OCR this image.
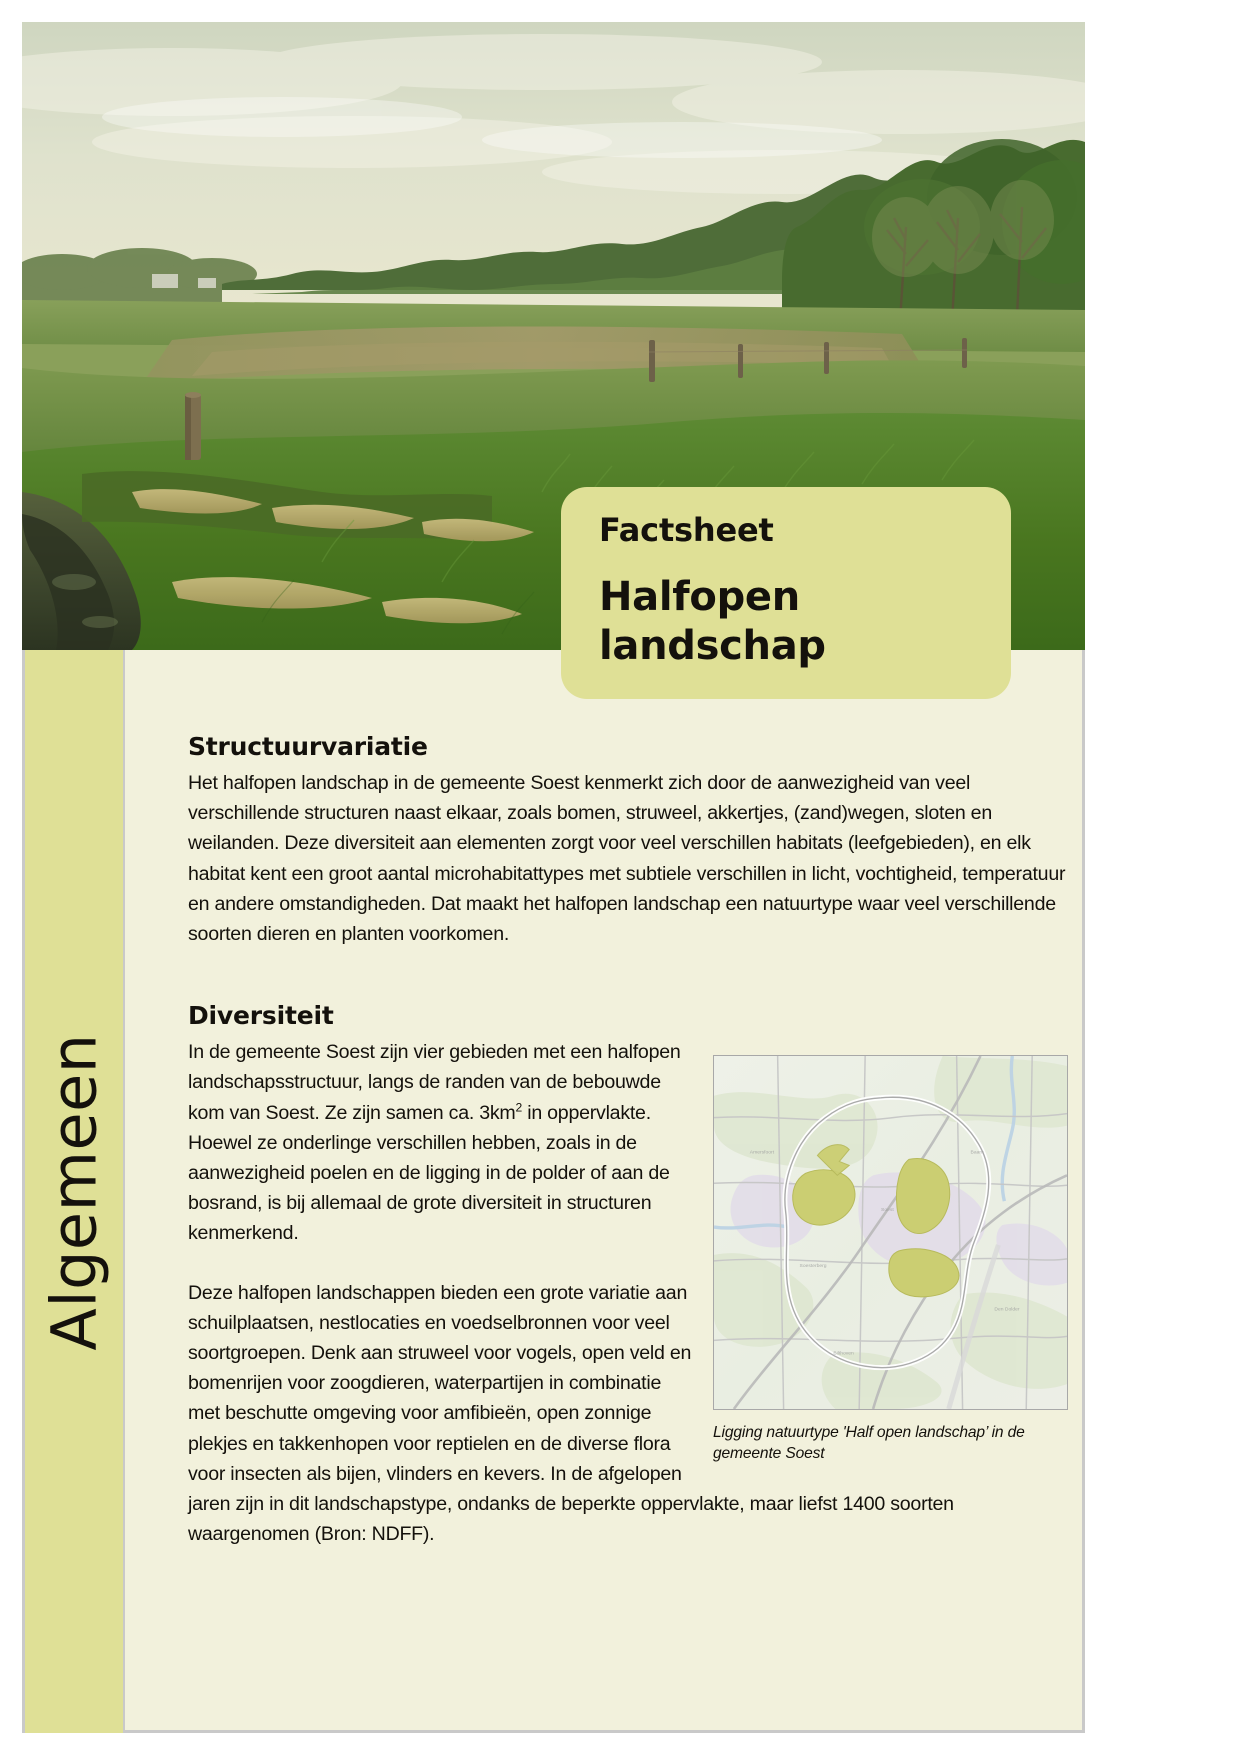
Factsheet
Halfopen
landschap
Algemeen
Structuurvariatie

Het halfopen landschap in de gemeente Soest kenmerkt zich door de aanwezigheid van veel verschillende structuren naast elkaar, zoals bomen, struweel, akkertjes, (zand)wegen, sloten en weilanden. Deze diversiteit aan elementen zorgt voor veel verschillen habitats (leefgebieden), en elk habitat kent een groot aantal microhabitattypes met subtiele verschillen in licht, vochtigheid, temperatuur en andere omstandigheden. Dat maakt het halfopen landschap een natuurtype waar veel verschillende soorten dieren en planten voorkomen.

Diversiteit
Soest
Soesterberg
Baarn
Amersfoort
Den Dolder
Bilthoven
Ligging natuurtype 'Half open landschap’ in de gemeente Soest

In de gemeente Soest zijn vier gebieden met een halfopen landschapsstructuur, langs de randen van de bebouwde kom van Soest. Ze zijn samen ca. $3km^2$ in oppervlakte. Hoewel ze onderlinge verschillen hebben, zoals in de aanwezigheid poelen en de ligging in de polder of aan de bosrand, is bij allemaal de grote diversiteit in structuren kenmerkend.

Deze halfopen landschappen bieden een grote variatie aan schuilplaatsen, nestlocaties en voedselbronnen voor veel soortgroepen. Denk aan struweel voor vogels, open veld en bomenrijen voor zoogdieren, waterpartijen in combinatie met beschutte omgeving voor amfibieën, open zonnige plekjes en takkenhopen voor reptielen en de diverse flora voor insecten als bijen, vlinders en kevers. In de afgelopen jaren zijn in dit landschapstype, ondanks de beperkte oppervlakte, maar liefst 1400 soorten waargenomen (Bron: NDFF).
